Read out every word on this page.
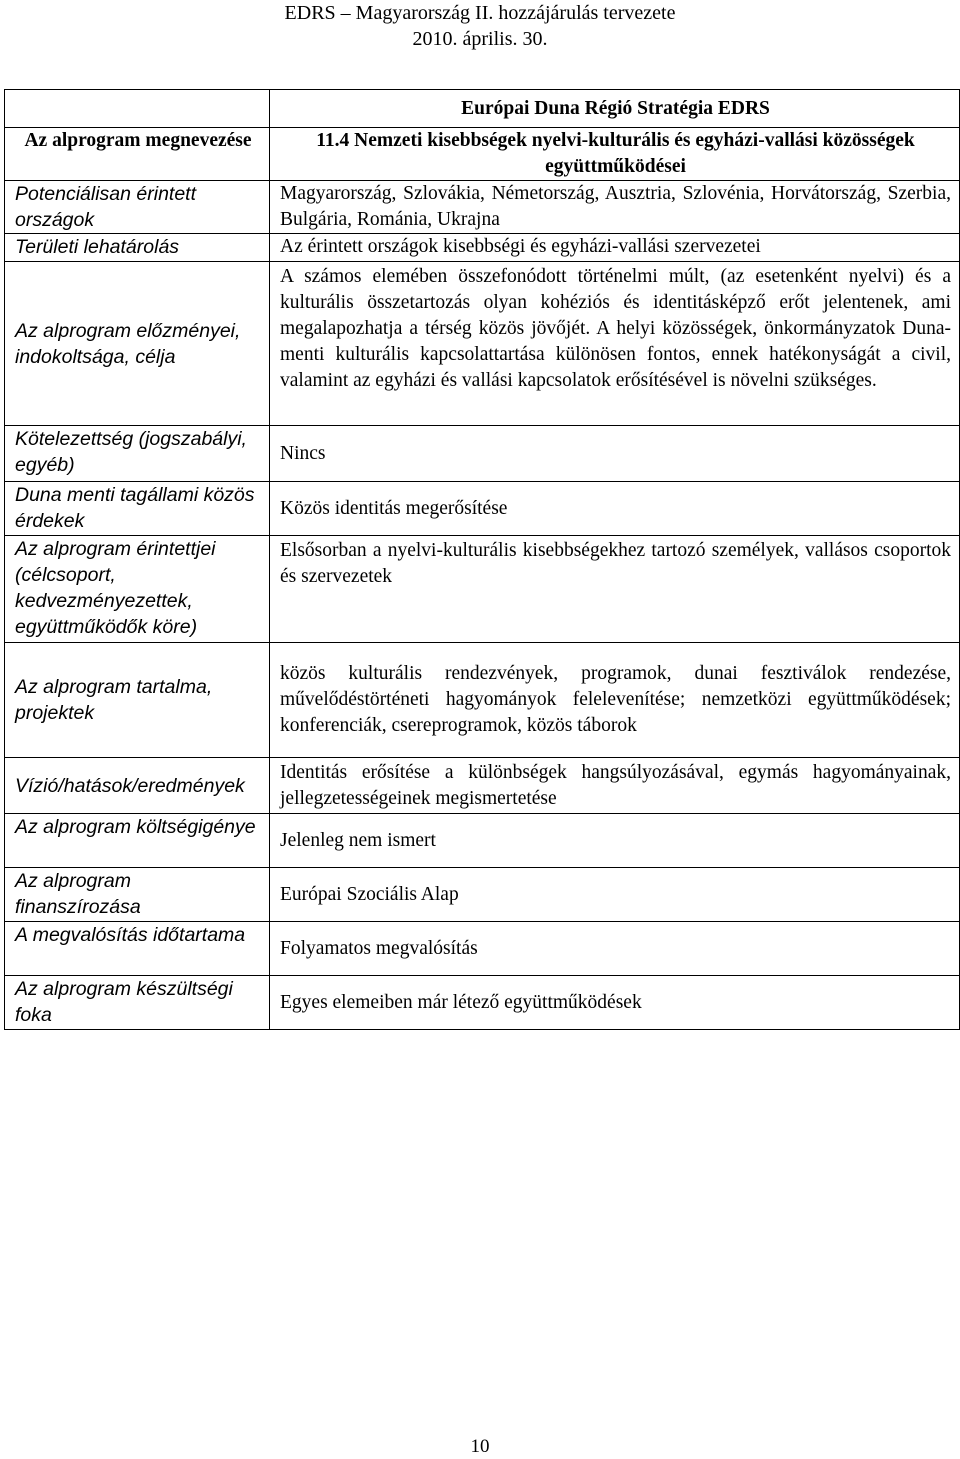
EDRS – Magyarország II. hozzájárulás tervezete
2010. április. 30.
	Európai Duna Régió Stratégia EDRS
Az alprogram megnevezése	11.4 Nemzeti kisebbségek nyelvi-kulturális és egyházi-vallási közösségek együttműködései
Potenciálisan érintett országok	Magyarország, Szlovákia, Németország, Ausztria, Szlovénia, Horvátország, Szerbia, Bulgária, Románia, Ukrajna
Területi lehatárolás	Az érintett országok kisebbségi és egyházi-vallási szervezetei
Az alprogram előzményei, indokoltsága, célja	A számos elemében összefonódott történelmi múlt, (az esetenként nyelvi) és a kulturális összetartozás olyan kohéziós és identitásképző erőt jelentenek, ami megalapozhatja a térség közös jövőjét. A helyi közösségek, önkormányzatok Duna-menti kulturális kapcsolattartása különösen fontos, ennek hatékonyságát a civil, valamint az egyházi és vallási kapcsolatok erősítésével is növelni szükséges.
Kötelezettség (jogszabályi, egyéb)	Nincs
Duna menti tagállami közös érdekek	Közös identitás megerősítése
Az alprogram érintettjei (célcsoport, kedvezményezettek, együttműködők köre)	Elsősorban a nyelvi-kulturális kisebbségekhez tartozó személyek, vallásos csoportok és szervezetek
Az alprogram tartalma, projektek	közös kulturális rendezvények, programok, dunai fesztiválok rendezése, művelődéstörténeti hagyományok felelevenítése; nemzetközi együttműködések; konferenciák, csereprogramok, közös táborok
Vízió/hatások/eredmények	Identitás erősítése a különbségek hangsúlyozásával, egymás hagyományainak, jellegzetességeinek megismertetése
Az alprogram költségigénye	Jelenleg nem ismert
Az alprogram finanszírozása	Európai Szociális Alap
A megvalósítás időtartama	Folyamatos megvalósítás
Az alprogram készültségi foka	Egyes elemeiben már létező együttműködések
10
